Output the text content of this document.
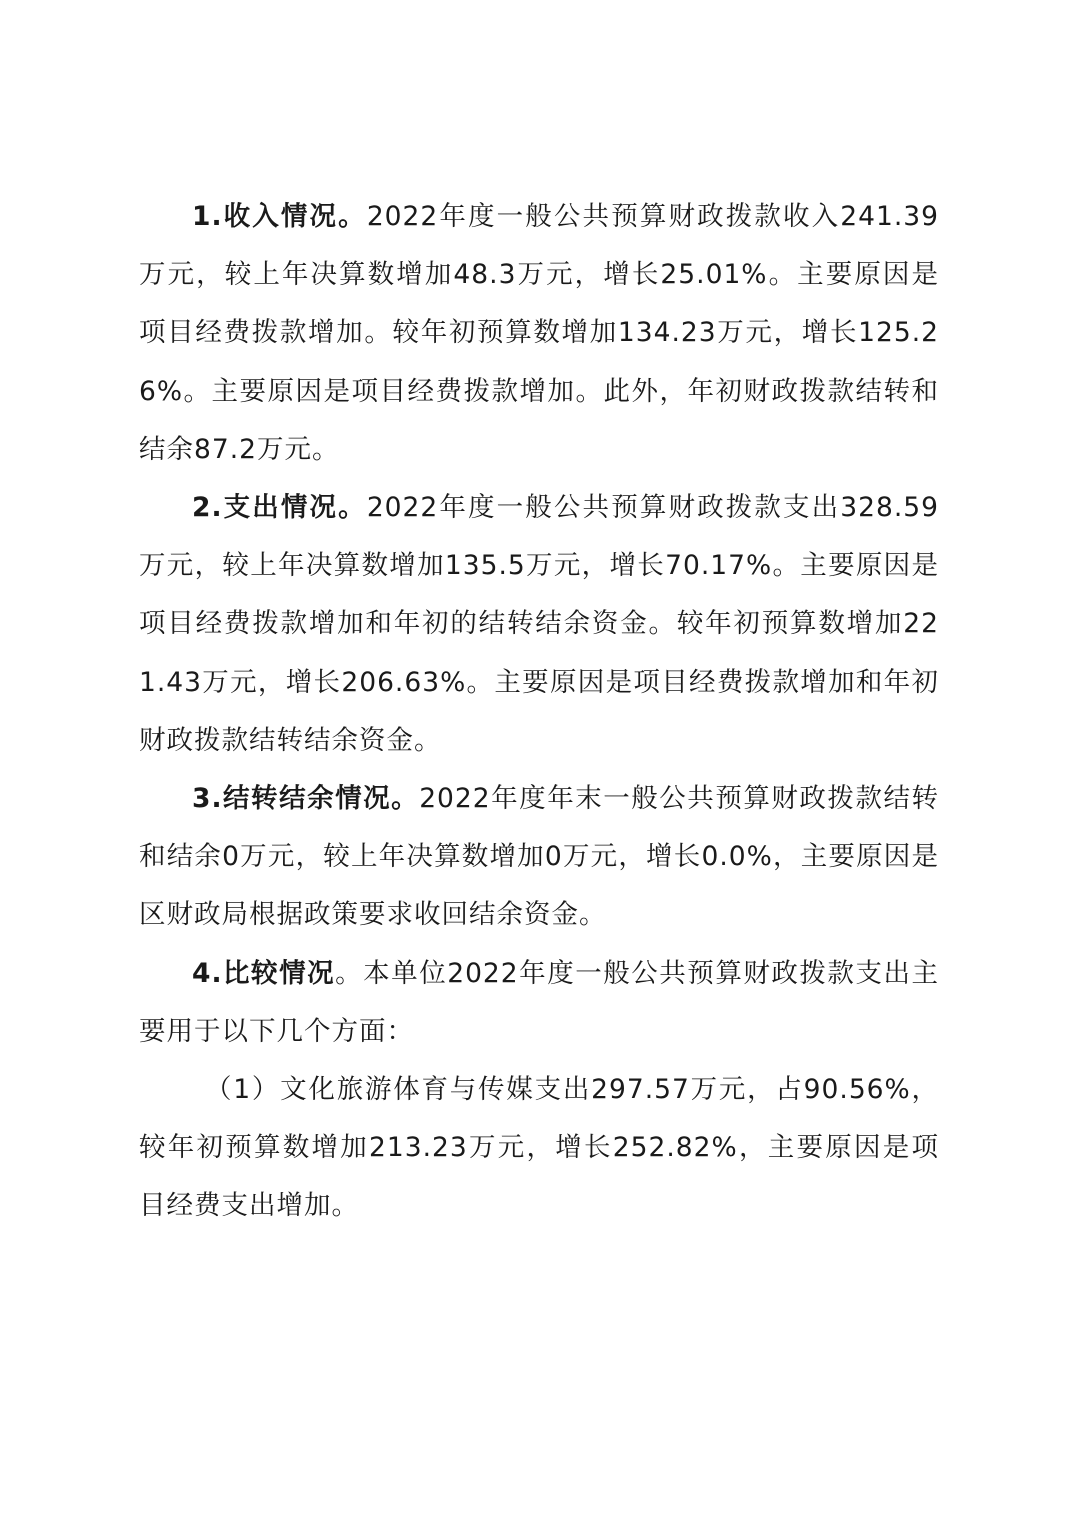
1.收入情况。2022年度一般公共预算财政拨款收入241.39万元，较上年决算数增加48.3万元，增长25.01%。主要原因是项目经费拨款增加。较年初预算数增加134.23万元，增长125.26%。主要原因是项目经费拨款增加。此外，年初财政拨款结转和结余87.2万元。

2.支出情况。2022年度一般公共预算财政拨款支出328.59万元，较上年决算数增加135.5万元，增长70.17%。主要原因是项目经费拨款增加和年初的结转结余资金。较年初预算数增加221.43万元，增长206.63%。主要原因是项目经费拨款增加和年初财政拨款结转结余资金。

3.结转结余情况。2022年度年末一般公共预算财政拨款结转和结余0万元，较上年决算数增加0万元，增长0.0%，主要原因是区财政局根据政策要求收回结余资金。

4.比较情况。本单位2022年度一般公共预算财政拨款支出主要用于以下几个方面：

（1）文化旅游体育与传媒支出297.57万元，占90.56%，较年初预算数增加213.23万元，增长252.82%，主要原因是项目经费支出增加。
